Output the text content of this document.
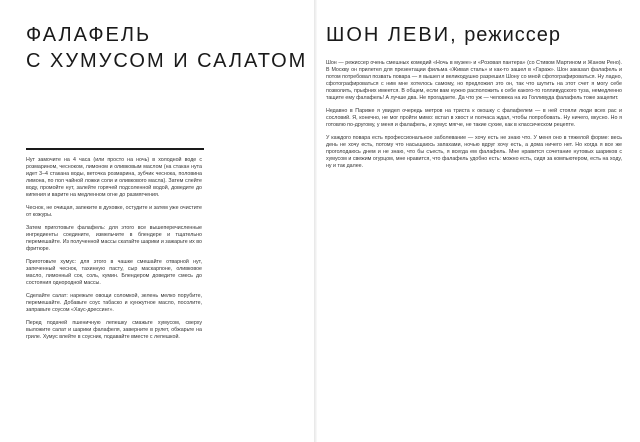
ФАЛАФЕЛЬ
С ХУМУСОМ И САЛАТОМ

Нут замочите на 4 часа (или просто на ночь) в холодной воде с розмарином, чесноком, лимоном и оливковым маслом (на стакан нута идет 3–4 стакана воды, веточка розмарина, зубчик чеснока, половина лимона, по пол чайной ложки соли и оливкового масла). Затем слейте воду, промойте нут, залейте горячей подсоленной водой, доведите до кипения и варите на медленном огне до размягчения.

Чеснок, не очищая, запеките в духовке, остудите и затем уже очистите от кожуры.

Затем приготовьте фалафель: для этого все вышеперечисленные ингредиенты соедините, измельчите в блендере и тщательно перемешайте. Из полученной массы скатайте шарики и зажарьте их во фритюре.

Приготовьте хумус: для этого в чашке смешайте отварной нут, запеченный чеснок, тахинную пасту, сыр маскарпоне, оливковое масло, лимонный сок, соль, кумин. Блендером доведите смесь до состояния однородной массы.

Сделайте салат: нарежьте овощи соломкой, зелень мелко порубите, перемешайте. Добавьте соус табаско и кунжутное масло, посолите, заправьте соусом «Хаус-дрессинг».

Перед подачей пшеничную лепешку смажьте хумусом, сверху выложите салат и шарики фалафеля, заверните в рулет, обжарьте на гриле. Хумус влейте в соусник, подавайте вместе с лепешкой.

ШОН ЛЕВИ, режиссер

Шон — режиссер очень смешных комедий «Ночь в музее» и «Розовая пантера» (со Стивом Мартином и Жаном Рено). В Москву он прилетел для презентации фильма «Живая сталь» и как-то зашел в «Гараж». Шон заказал фалафель и потом потребовал позвать повара — я вышел и великодушно разрешил Шону со мной сфотографироваться. Ну ладно, сфотографироваться с ним мне хотелось самому, но предложил это он, так что шутить на этот счет я могу себе позволить, прыфних имеется. В общем, если вам нужно расположить к себе какого-то голливудского туза, немедленно тащите ему фалафель! А лучше два. Не прогадаете. Да что уж — человека на из Голливуда фалафель тоже защепит.

Недавно в Париже я увидел очередь метров на триста к окошку с фалафелем — в ней стояли люди всех рас и сословий. Я, конечно, не мог пройти мимо: встал в хвост и полчаса ждал, чтобы попробовать. Ну ничего, вкусно. Но я готовлю по-другому, у меня и фалафель, и хумус мягче, не такие сухие, как в классическом рецепте.

У каждого повара есть профессиональное заболевание — хочу есть не знаю что. У меня оно в тяжелой форме: весь день не хочу есть, потому что насыщаюсь запахами, ночью вдруг хочу есть, а дома ничего нет. Но когда я все же проголодаюсь днем и не знаю, что бы съесть, я всегда ем фалафель. Мне нравится сочетание нутовых шариков с хумусом и свежим огурцом, мне нравится, что фалафель удобно есть: можно есть, сидя за компьютером, есть на ходу, ну и так далее.
